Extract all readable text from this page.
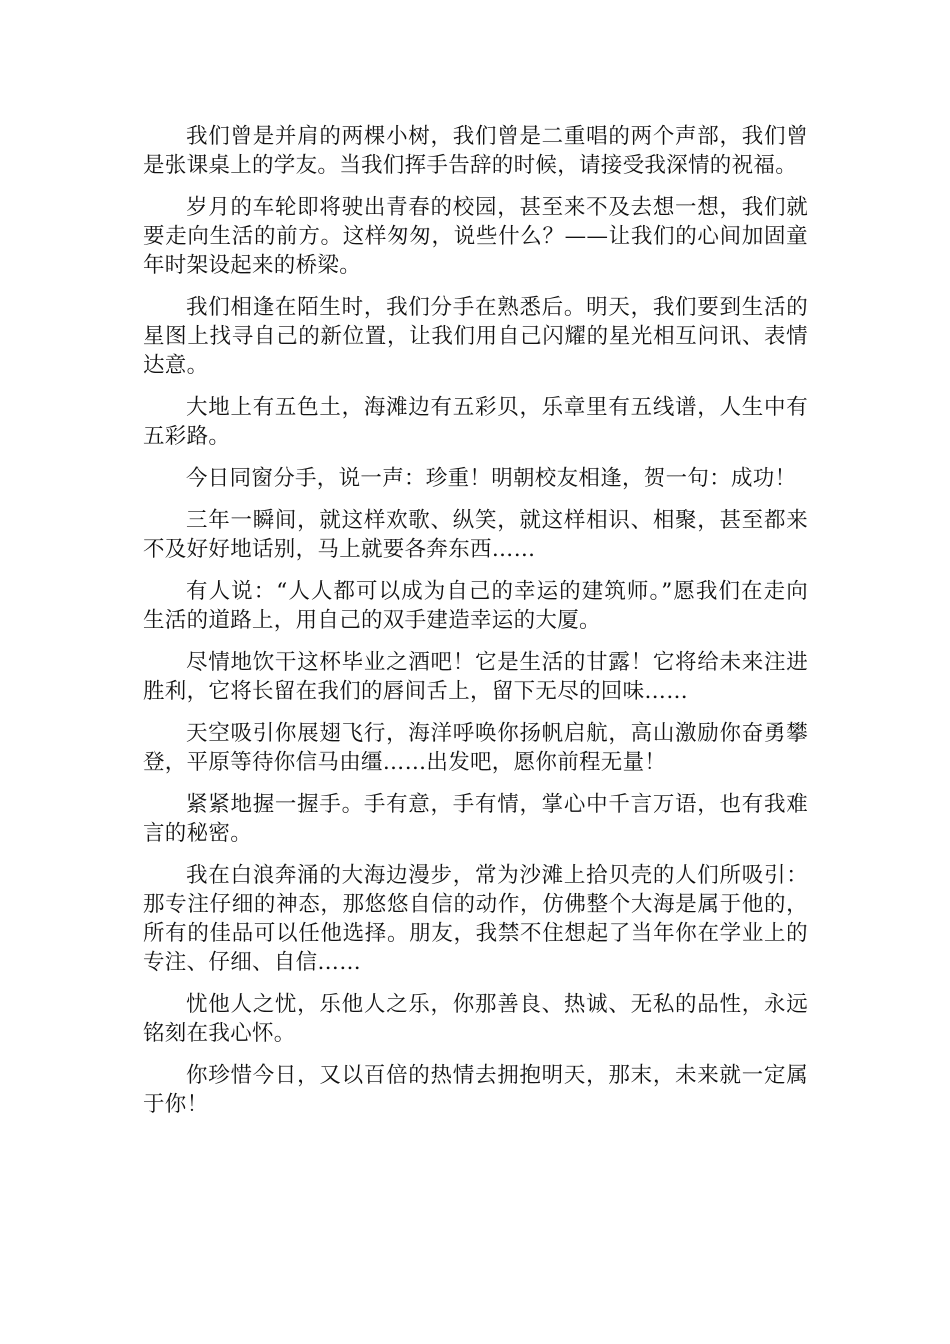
我们曾是并肩的两棵小树，我们曾是二重唱的两个声部，我们曾是张课桌上的学友。当我们挥手告辞的时候，请接受我深情的祝福。

岁月的车轮即将驶出青春的校园，甚至来不及去想一想，我们就要走向生活的前方。这样匆匆，说些什么？——让我们的心间加固童年时架设起来的桥梁。

我们相逢在陌生时，我们分手在熟悉后。明天，我们要到生活的星图上找寻自己的新位置，让我们用自己闪耀的星光相互问讯、表情达意。

大地上有五色土，海滩边有五彩贝，乐章里有五线谱，人生中有五彩路。

今日同窗分手，说一声：珍重！明朝校友相逢，贺一句：成功！

三年一瞬间，就这样欢歌、纵笑，就这样相识、相聚，甚至都来不及好好地话别，马上就要各奔东西……

有人说：“人人都可以成为自己的幸运的建筑师。”愿我们在走向生活的道路上，用自己的双手建造幸运的大厦。

尽情地饮干这杯毕业之酒吧！它是生活的甘露！它将给未来注进胜利，它将长留在我们的唇间舌上，留下无尽的回味……

天空吸引你展翅飞行，海洋呼唤你扬帆启航，高山激励你奋勇攀登，平原等待你信马由缰……出发吧，愿你前程无量！

紧紧地握一握手。手有意，手有情，掌心中千言万语，也有我难言的秘密。

我在白浪奔涌的大海边漫步，常为沙滩上拾贝壳的人们所吸引：那专注仔细的神态，那悠悠自信的动作，仿佛整个大海是属于他的，所有的佳品可以任他选择。朋友，我禁不住想起了当年你在学业上的专注、仔细、自信……

忧他人之忧，乐他人之乐，你那善良、热诚、无私的品性，永远铭刻在我心怀。

你珍惜今日，又以百倍的热情去拥抱明天，那末，未来就一定属于你！
